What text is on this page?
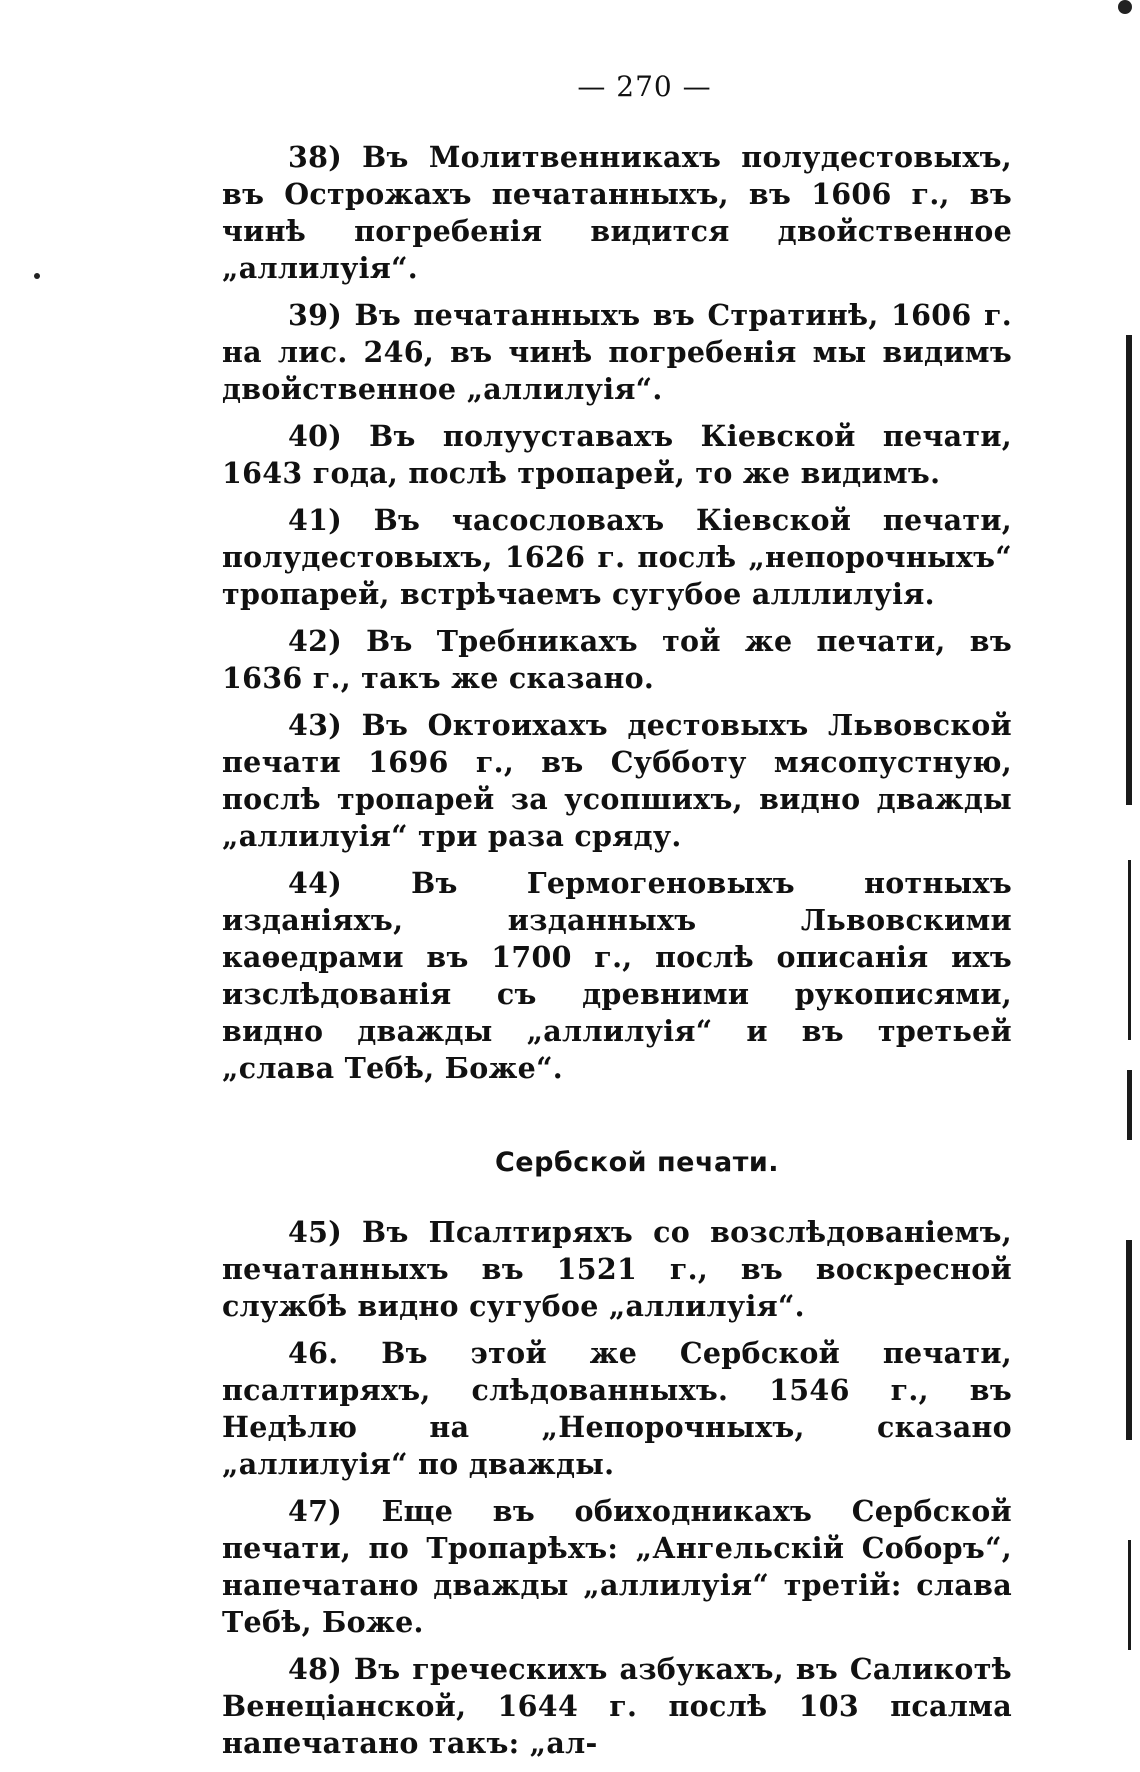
— 270 —

38) Въ Молитвенникахъ полудестовыхъ, въ Острожахъ печатанныхъ, въ 1606 г., въ чинѣ погребенія видится двойственное „аллилуія“.

39) Въ печатанныхъ въ Стратинѣ, 1606 г. на лис. 246, въ чинѣ погребенія мы видимъ двойственное „аллилуія“.

40) Въ полууставахъ Кіевской печати, 1643 года, послѣ тропарей, то же видимъ.

41) Въ часословахъ Кіевской печати, полудестовыхъ, 1626 г. послѣ „непорочныхъ“ тропарей, встрѣчаемъ сугубое алллилуія.

42) Въ Требникахъ той же печати, въ 1636 г., такъ же сказано.

43) Въ Октоихахъ дестовыхъ Львовской печати 1696 г., въ Субботу мясопустную, послѣ тропарей за усопшихъ, видно дважды „аллилуія“ три раза сряду.

44) Въ Гермогеновыхъ нотныхъ изданіяхъ, изданныхъ Львовскими каѳедрами въ 1700 г., послѣ описанія ихъ изслѣдованія съ древними рукописями, видно дважды „аллилуія“ и въ третьей „слава Тебѣ, Боже“.

Сербской печати.

45) Въ Псалтиряхъ со возслѣдованіемъ, печатанныхъ въ 1521 г., въ воскресной службѣ видно сугубое „аллилуія“.

46. Въ этой же Сербской печати, псалтиряхъ, слѣдованныхъ. 1546 г., въ Недѣлю на „Непорочныхъ, сказано „аллилуія“ по дважды.

47) Еще въ обиходникахъ Сербской печати, по Тропарѣхъ: „Ангельскій Соборъ“, напечатано дважды „аллилуія“ третій: слава Тебѣ, Боже.

48) Въ греческихъ азбукахъ, въ Саликотѣ Венеціанской, 1644 г. послѣ 103 псалма напечатано такъ: „ал-
